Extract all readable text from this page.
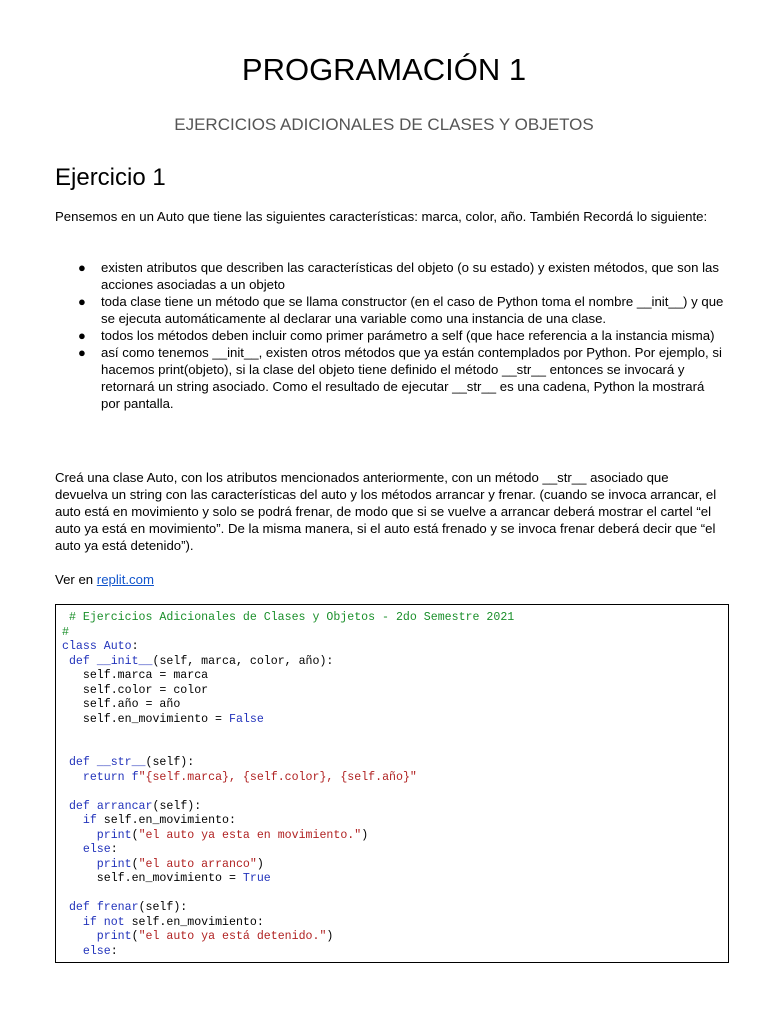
PROGRAMACIÓN 1
EJERCICIOS ADICIONALES DE CLASES Y OBJETOS
Ejercicio 1

Pensemos en un Auto que tiene las siguientes características: marca, color, año. También Recordá lo siguiente:

● existen atributos que describen las características del objeto (o su estado) y existen métodos, que son las acciones asociadas a un objeto
● toda clase tiene un método que se llama constructor (en el caso de Python toma el nombre __init__) y que se ejecuta automáticamente al declarar una variable como una instancia de una clase.
● todos los métodos deben incluir como primer parámetro a self (que hace referencia a la instancia misma)
● así como tenemos __init__, existen otros métodos que ya están contemplados por Python. Por ejemplo, si hacemos print(objeto), si la clase del objeto tiene definido el método __str__ entonces se invocará y retornará un string asociado. Como el resultado de ejecutar __str__ es una cadena, Python la mostrará por pantalla.

Creá una clase Auto, con los atributos mencionados anteriormente, con un método __str__ asociado que devuelva un string con las características del auto y los métodos arrancar y frenar. (cuando se invoca arrancar, el auto está en movimiento y solo se podrá frenar, de modo que si se vuelve a arrancar deberá mostrar el cartel “el auto ya está en movimiento”. De la misma manera, si el auto está frenado y se invoca frenar deberá decir que “el auto ya está detenido”).

Ver en replit.com

# Ejercicios Adicionales de Clases y Objetos - 2do Semestre 2021
#
class Auto:
def __init__(self, marca, color, año):
self.marca = marca
self.color = color
self.año = año
self.en_movimiento = False

def __str__(self):
return f"{self.marca}, {self.color}, {self.año}"

def arrancar(self):
if self.en_movimiento:
print("el auto ya esta en movimiento.")
else:
print("el auto arranco")
self.en_movimiento = True

def frenar(self):
if not self.en_movimiento:
print("el auto ya está detenido.")
else:
